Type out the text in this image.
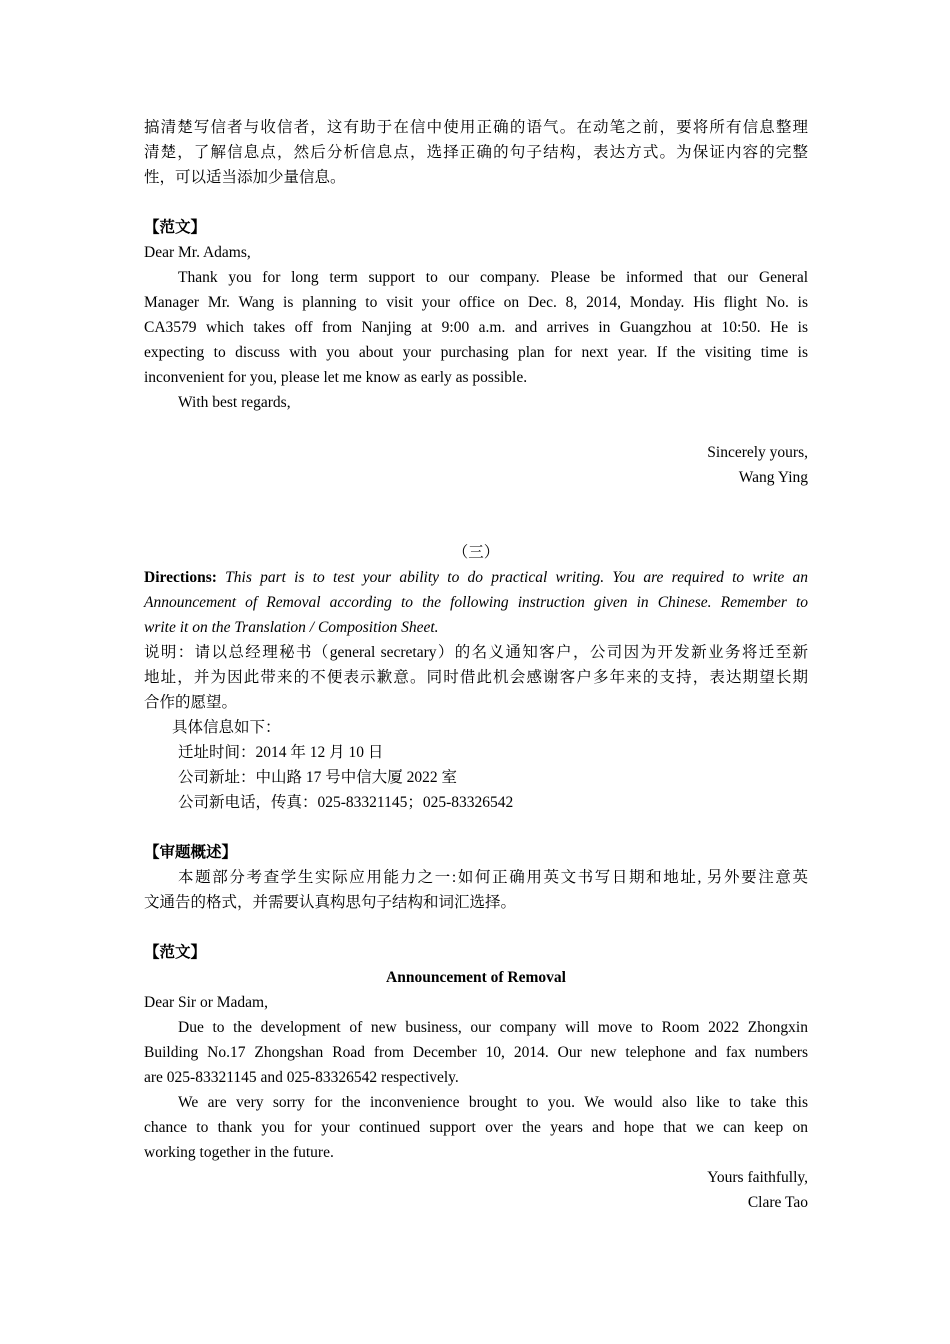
搞清楚写信者与收信者，这有助于在信中使用正确的语气。在动笔之前，要将所有信息整理
清楚，了解信息点，然后分析信息点，选择正确的句子结构，表达方式。为保证内容的完整
性，可以适当添加少量信息。
【范文】
Dear Mr. Adams,
Thank you for long term support to our company. Please be informed that our General
Manager Mr. Wang is planning to visit your office on Dec. 8, 2014, Monday. His flight No. is
CA3579 which takes off from Nanjing at 9:00 a.m. and arrives in Guangzhou at 10:50. He is
expecting to discuss with you about your purchasing plan for next year. If the visiting time is
inconvenient for you, please let me know as early as possible.
With best regards,
Sincerely yours,
Wang Ying
（三）
Directions: This part is to test your ability to do practical writing. You are required to write an
Announcement of Removal according to the following instruction given in Chinese. Remember to
write it on the Translation / Composition Sheet.
说明：请以总经理秘书（general secretary）的名义通知客户，公司因为开发新业务将迁至新
地址，并为因此带来的不便表示歉意。同时借此机会感谢客户多年来的支持，表达期望长期
合作的愿望。
具体信息如下：
迁址时间：2014 年 12 月 10 日
公司新址：中山路 17 号中信大厦 2022 室
公司新电话，传真：025-83321145；025-83326542
【审题概述】
本题部分考查学生实际应用能力之一:如何正确用英文书写日期和地址, 另外要注意英
文通告的格式，并需要认真构思句子结构和词汇选择。
【范文】
Announcement of Removal
Dear Sir or Madam,
Due to the development of new business, our company will move to Room 2022 Zhongxin
Building No.17 Zhongshan Road from December 10, 2014. Our new telephone and fax numbers
are 025-83321145 and 025-83326542 respectively.
We are very sorry for the inconvenience brought to you. We would also like to take this
chance to thank you for your continued support over the years and hope that we can keep on
working together in the future.
Yours faithfully,
Clare Tao
